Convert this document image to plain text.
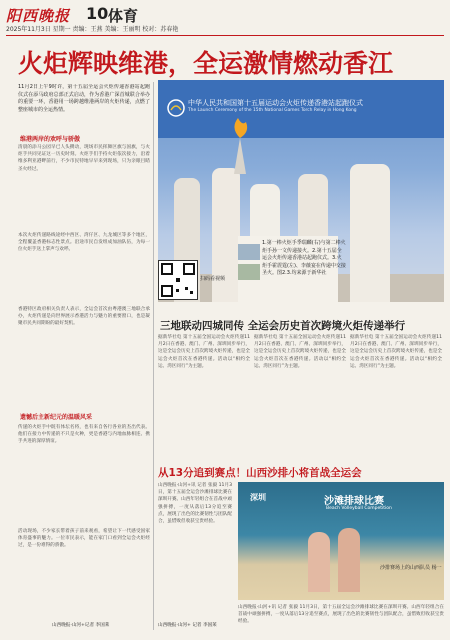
阳西晚报 10 体育
2025年11月3日 星期一 责编：王燕 美编：王丽明 校对：苏春艳
火炬辉映维港，全运激情燃动香江
11月2日上午9时许，第十五届全运会火炬传递香港站起跑仪式在添马政府总部正式启动，作为香港广深首城联合举办的重要一环，香港用一场跨越维港两岸的火炬传递，点燃了整座城市的全运热情。
维港两岸的欢呼与骄傲
清晨的添马公园早已人头攒动，现场市民挥舞区旗与国旗，与火炬手共同见证这一历史时刻。火炬手们手持火炬依次接力，沿着维多利亚港畔前行，不少市民特地早早来到现场，只为亲眼目睹圣火经过。
本次火炬传递路线途经中西区、湾仔区、九龙城区等多个地区，全程覆盖香港标志性景点。沿途市民自发组成加油队伍，为每一位火炬手送上掌声与欢呼。
香港特区政府相关负责人表示，全运会首次由粤港澳三地联合承办，火炬传递是向世界展示香港活力与魅力的重要窗口，也是凝聚市民共同期盼的最好契机。
遗憾后主新纪元的温暖风采
传递的火炬手中既有体坛名将，也有来自各行各业的杰出代表。他们在接力中传递的不只是火种，更是香港与内地血脉相连、携手共进的深厚情谊。
活动现场，不少家长带着孩子前来观看，希望让下一代感受国家体育盛事的魅力。一位市民表示，能在家门口看到全运会火炬经过，是一份难得的骄傲。
山西晚报·山河+记者 李国莱
中华人民共和国第十五届运动会火炬传递香港站起跑仪式
The Launch Ceremony of the 15th National Games Torch Relay in Hong Kong
1.第一棒火炬手季瑞麟(右)与第二棒火炬手孙一文传递接火。2.第十五届全运会火炬传递香港站起跑仪式。3.火炬手霍震霆(左)、李薇宴在传递中交接圣火。图2.3.均来源于新华社
扫码看视频
三地联动四城同传 全运会历史首次跨境火炬传递举行
据新华社电 第十五届全国运动会火炬传递11月2日在香港、澳门、广州、深圳同步举行，这是全运会历史上首次跨境火炬传递，也是全运会火炬首次在香港传递。活动以“相约全运、湾区同行”为主题。
据新华社电 第十五届全国运动会火炬传递11月2日在香港、澳门、广州、深圳同步举行，这是全运会历史上首次跨境火炬传递，也是全运会火炬首次在香港传递。活动以“相约全运、湾区同行”为主题。
据新华社电 第十五届全国运动会火炬传递11月2日在香港、澳门、广州、深圳同步举行，这是全运会历史上首次跨境火炬传递，也是全运会火炬首次在香港传递。活动以“相约全运、湾区同行”为主题。
从13分追到赛点！山西沙排小将首战全运会
山西晚报·山河+讯 记者 张毅 11月3日，第十五届全运会沙滩排球比赛在深圳开赛。山西年轻组合在首战中顽强拼搏，一度从落后13分追至赛点，展现了出色的比赛韧性与团队配合，虽惜败但收获宝贵经验。
山西晚报·山河+ 记者 李国莱
深圳	沙滩排球比赛
Beach Volleyball Competition
沙排赛场上的山西队员 杨一
山西晚报·山河+讯 记者 张毅 11月3日，第十五届全运会沙滩排球比赛在深圳开赛。山西年轻组合在首战中顽强拼搏，一度从落后13分追至赛点，展现了出色的比赛韧性与团队配合，虽惜败但收获宝贵经验。
